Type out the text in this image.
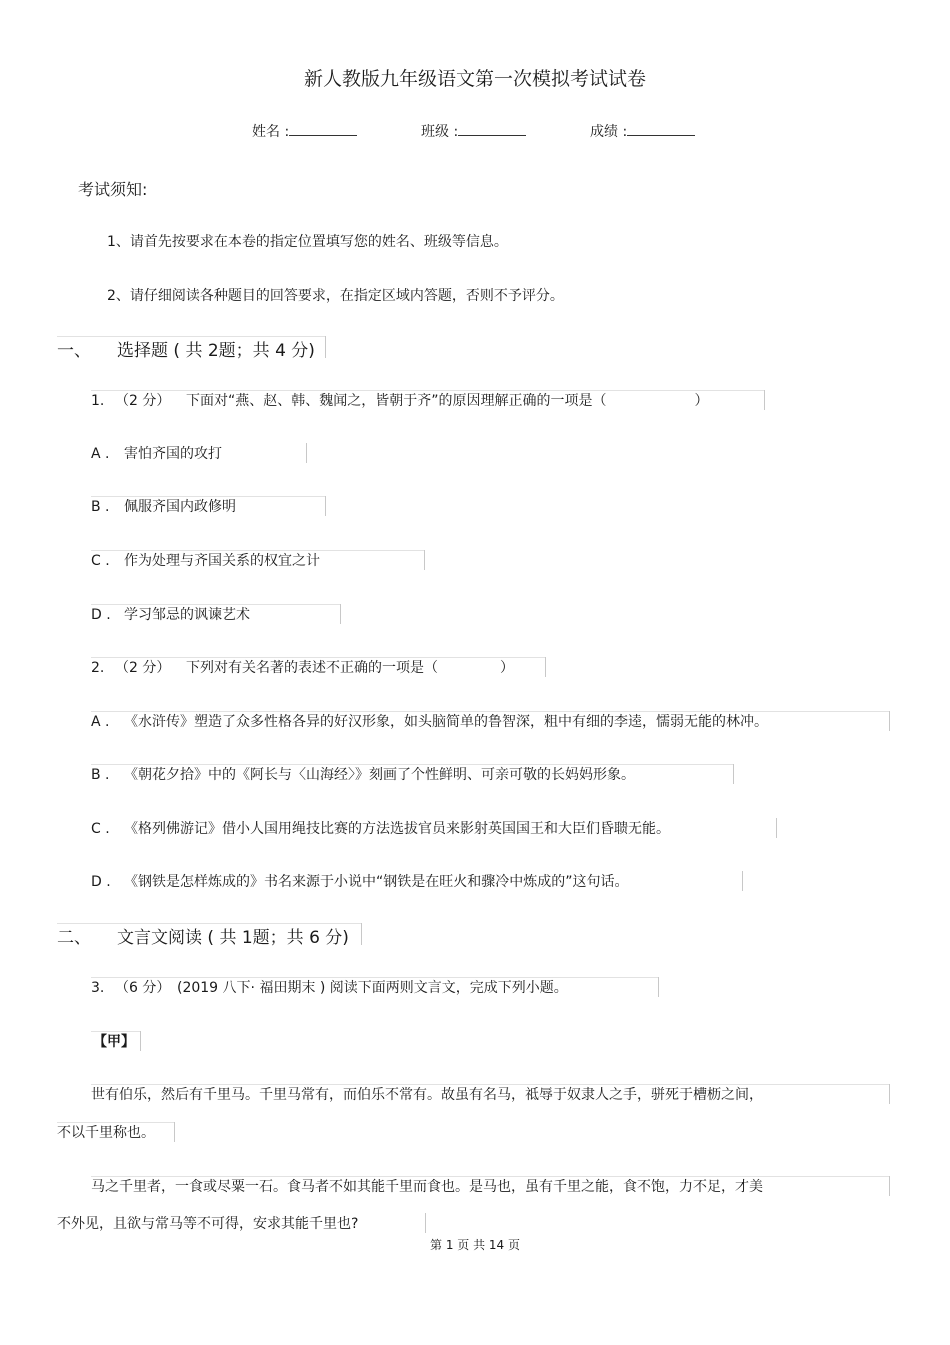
新人教版九年级语文第一次模拟考试试卷
姓名 :	班级 :	成绩 :
考试须知:
1、请首先按要求在本卷的指定位置填写您的姓名、班级等信息。
2、请仔细阅读各种题目的回答要求，在指定区域内答题，否则不予评分。
一、 选择题 ( 共 2题；共 4 分)
1. （2 分） 下面对“燕、赵、韩、魏闻之，皆朝于齐”的原因理解正确的一项是（	）
A . 害怕齐国的攻打
B . 佩服齐国内政修明
C . 作为处理与齐国关系的权宜之计
D . 学习邹忌的讽谏艺术
2. （2 分） 下列对有关名著的表述不正确的一项是（	）
A . 《水浒传》塑造了众多性格各异的好汉形象，如头脑简单的鲁智深，粗中有细的李逵，懦弱无能的林冲。
B . 《朝花夕拾》中的《阿长与〈山海经〉》刻画了个性鲜明、可亲可敬的长妈妈形象。
C . 《格列佛游记》借小人国用绳技比赛的方法选拔官员来影射英国国王和大臣们昏聩无能。
D . 《钢铁是怎样炼成的》书名来源于小说中“钢铁是在旺火和骤冷中炼成的”这句话。
二、 文言文阅读 ( 共 1题；共 6 分)
3. （6 分） (2019 八下· 福田期末 ) 阅读下面两则文言文，完成下列小题。
【甲】
世有伯乐，然后有千里马。千里马常有，而伯乐不常有。故虽有名马，祗辱于奴隶人之手，骈死于槽枥之间，
不以千里称也。
马之千里者，一食或尽粟一石。食马者不如其能千里而食也。是马也，虽有千里之能，食不饱，力不足，才美
不外见，且欲与常马等不可得，安求其能千里也?
第 1 页 共 14 页
